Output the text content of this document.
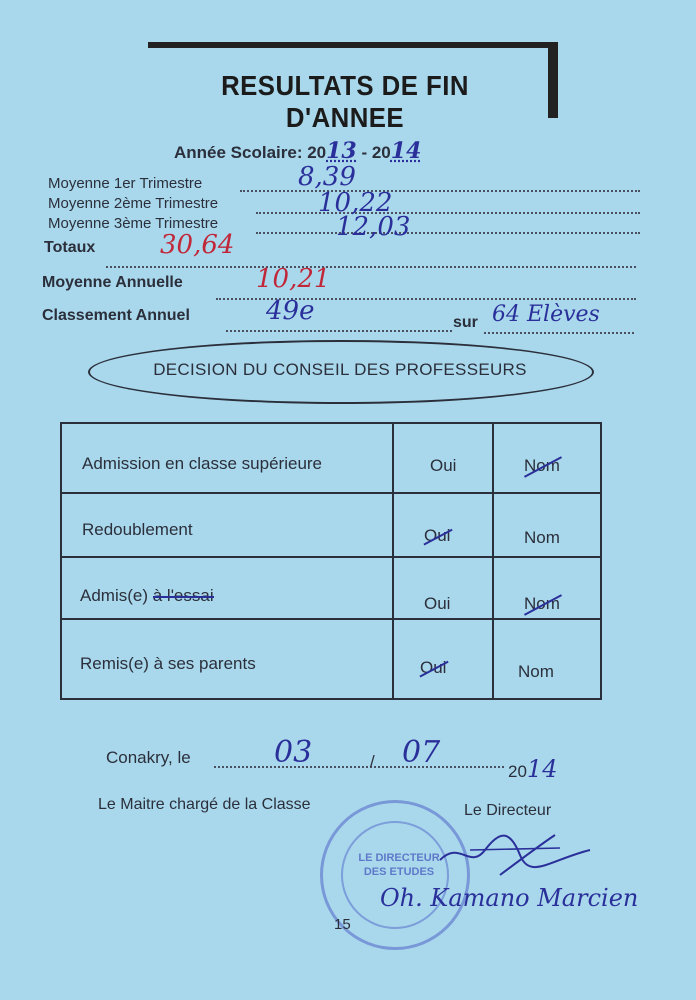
RESULTATS DE FIN D'ANNEE
Année Scolaire: 2013 - 2014
Moyenne 1er Trimestre	8,39
Moyenne 2ème Trimestre	10,22
Moyenne 3ème Trimestre	12,03
Totaux 30,64
Moyenne Annuelle	10,21
Classement Annuel	49e	sur 64 Elèves
DECISION DU CONSEIL DES PROFESSEURS
Admission en classe supérieure	Oui	Nom
Redoublement	Oui	Nom
Admis(e) à l'essai	Oui	Nom
Remis(e) à ses parents	Oui	Nom
Conakry, le	03	/ 07
2014
Le Maitre chargé de la Classe	Le Directeur
LE DIRECTEUR DES ETUDES
Oh. Kamano Marcien
15
